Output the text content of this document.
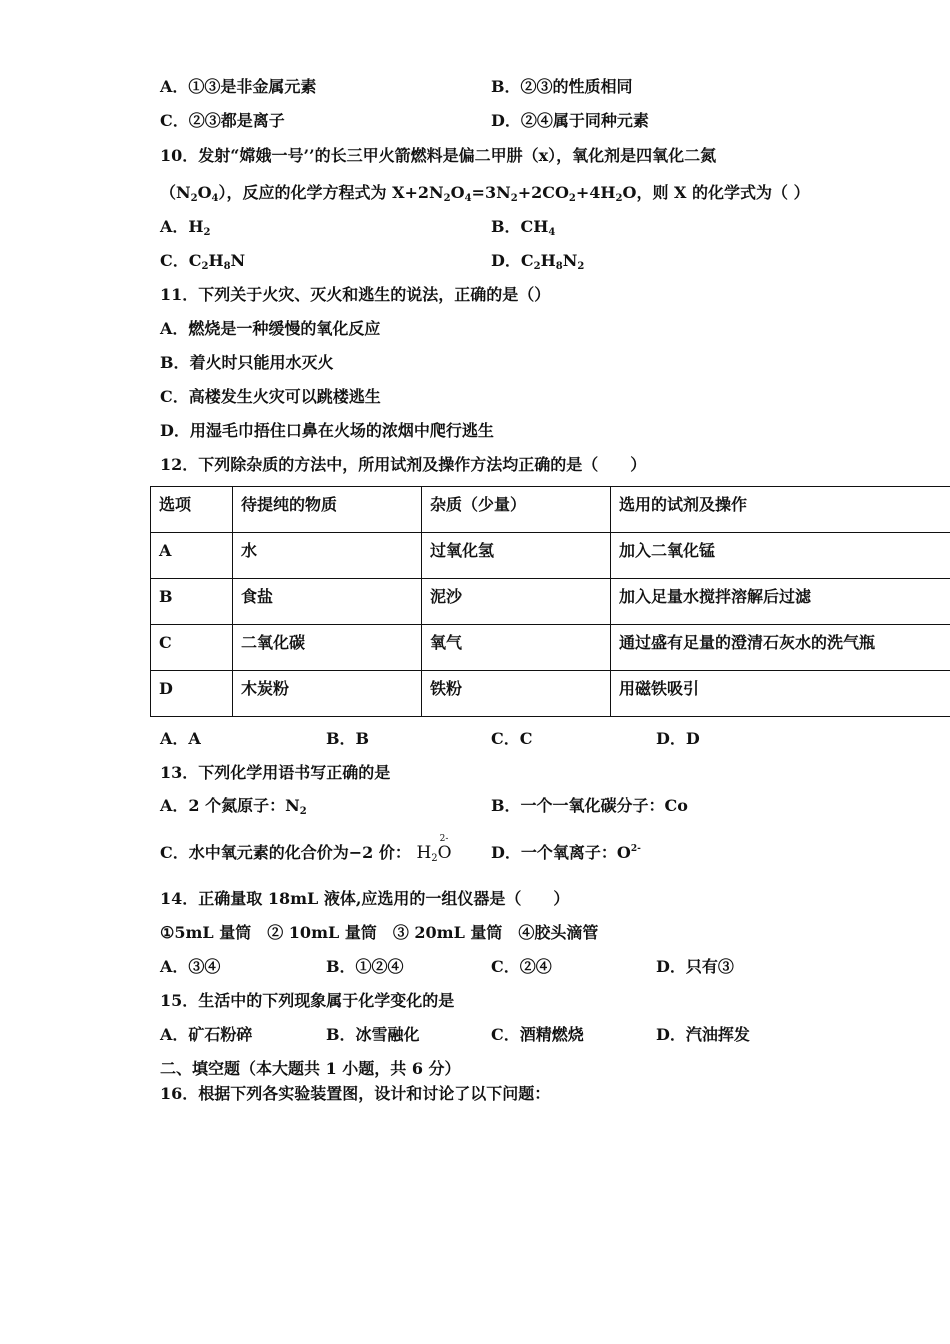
A．①③是非金属元素	B．②③的性质相同
C．②③都是离子	D．②④属于同种元素
10．发射“嫦娥一号’’的长三甲火箭燃料是偏二甲肼（x），氧化剂是四氧化二氮
$(N_2O_4)$，反应的化学方程式为 $X+2N_2O_4=3N_2+2CO_2+4H_2O$，则 X 的化学式为（ ）
A．$H_2$	B．$CH_4$
C．$C_2H_8N$	D．$C_2H_8N_2$
11．下列关于火灾、灭火和逃生的说法，正确的是（）
A．燃烧是一种缓慢的氧化反应
B．着火时只能用水灭火
C．高楼发生火灾可以跳楼逃生
D．用湿毛巾捂住口鼻在火场的浓烟中爬行逃生
12．下列除杂质的方法中，所用试剂及操作方法均正确的是（　　）
选项	待提纯的物质	杂质（少量）	选用的试剂及操作
A	水	过氧化氢	加入二氧化锰
B	食盐	泥沙	加入足量水搅拌溶解后过滤
C	二氧化碳	氧气	通过盛有足量的澄清石灰水的洗气瓶
D	木炭粉	铁粉	用磁铁吸引
A．A	B．B	C．C	D．D
13．下列化学用语书写正确的是
A．2 个氮原子：$N_2$	B．一个一氧化碳分子：Co
C．水中氧元素的化合价为−2 价： $H_2O$
2-
D．一个氧离子：$O^{2-}$
14．正确量取 18mL 液体,应选用的一组仪器是（　　）
①5mL 量筒　② 10mL 量筒　③ 20mL 量筒　④胶头滴管
A．③④	B．①②④	C．②④	D．只有③
15．生活中的下列现象属于化学变化的是
A．矿石粉碎	B．冰雪融化	C．酒精燃烧	D．汽油挥发
二、填空题（本大题共 1 小题，共 6 分）
16．根据下列各实验装置图，设计和讨论了以下问题：
